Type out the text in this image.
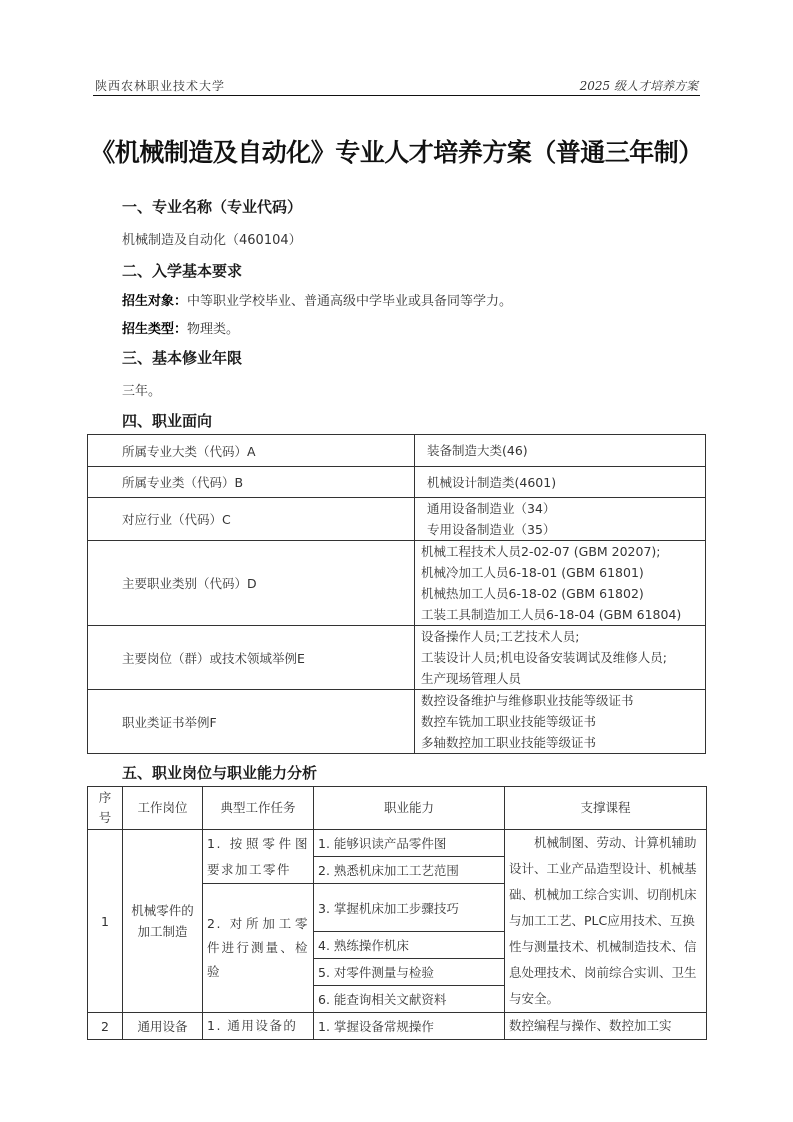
陕西农林职业技术大学	2025 级人才培养方案
《机械制造及自动化》专业人才培养方案（普通三年制）
一、专业名称（专业代码）
机械制造及自动化（460104）
二、入学基本要求
招生对象：中等职业学校毕业、普通高级中学毕业或具备同等学力。
招生类型：物理类。
三、基本修业年限
三年。
四、职业面向
所属专业大类（代码）A	装备制造大类(46)

所属专业类（代码）B	机械设计制造类(4601)

对应行业（代码）C	通用设备制造业（34）
专用设备制造业（35）

主要职业类别（代码）D	机械工程技术人员2-02-07 (GBM 20207);
机械冷加工人员6-18-01 (GBM 61801)
机械热加工人员6-18-02 (GBM 61802)
工装工具制造加工人员6-18-04 (GBM 61804)

主要岗位（群）或技术领域举例E	设备操作人员;工艺技术人员;
工装设计人员;机电设备安装调试及维修人员;
生产现场管理人员

职业类证书举例F	数控设备维护与维修职业技能等级证书
数控车铣加工职业技能等级证书
多轴数控加工职业技能等级证书
五、职业岗位与职业能力分析
序号	工作岗位	典型工作任务	职业能力	支撑课程
1	机械零件的加工制造	1. 按照零件图要求加工零件	1. 能够识读产品零件图	机械制图、劳动、计算机辅助设计、工业产品造型设计、机械基础、机械加工综合实训、切削机床与加工工艺、PLC应用技术、互换性与测量技术、机械制造技术、信息处理技术、岗前综合实训、卫生与安全。

			2. 熟悉机床加工工艺范围	
		2. 对所加工零件进行测量、检验	3. 掌握机床加工步骤技巧	
			4. 熟练操作机床	
			5. 对零件测量与检验	
			6. 能查询相关文献资料	
2	通用设备	1. 通用设备的	1. 掌握设备常规操作	数控编程与操作、数控加工实
